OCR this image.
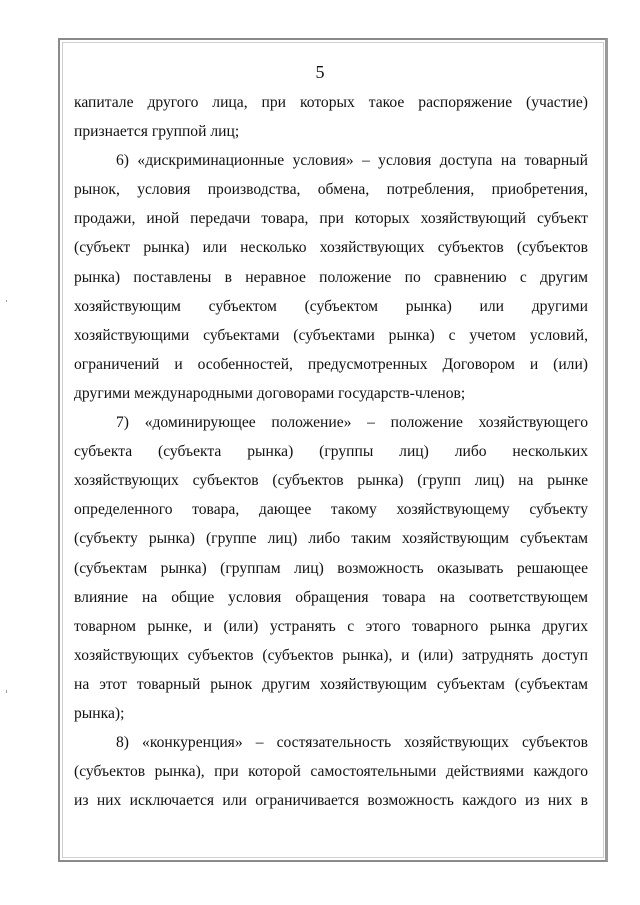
5
капитале другого лица, при которых такое распоряжение (участие)
признается группой лиц;
6) «дискриминационные условия» – условия доступа на товарный
рынок, условия производства, обмена, потребления, приобретения,
продажи, иной передачи товара, при которых хозяйствующий субъект
(субъект рынка) или несколько хозяйствующих субъектов (субъектов
рынка) поставлены в неравное положение по сравнению с другим
хозяйствующим субъектом (субъектом рынка) или другими
хозяйствующими субъектами (субъектами рынка) с учетом условий,
ограничений и особенностей, предусмотренных Договором и (или)
другими международными договорами государств-членов;
7) «доминирующее положение» – положение хозяйствующего
субъекта (субъекта рынка) (группы лиц) либо нескольких
хозяйствующих субъектов (субъектов рынка) (групп лиц) на рынке
определенного товара, дающее такому хозяйствующему субъекту
(субъекту рынка) (группе лиц) либо таким хозяйствующим субъектам
(субъектам рынка) (группам лиц) возможность оказывать решающее
влияние на общие условия обращения товара на соответствующем
товарном рынке, и (или) устранять с этого товарного рынка других
хозяйствующих субъектов (субъектов рынка), и (или) затруднять доступ
на этот товарный рынок другим хозяйствующим субъектам (субъектам
рынка);
8) «конкуренция» – состязательность хозяйствующих субъектов
(субъектов рынка), при которой самостоятельными действиями каждого
из них исключается или ограничивается возможность каждого из них в
